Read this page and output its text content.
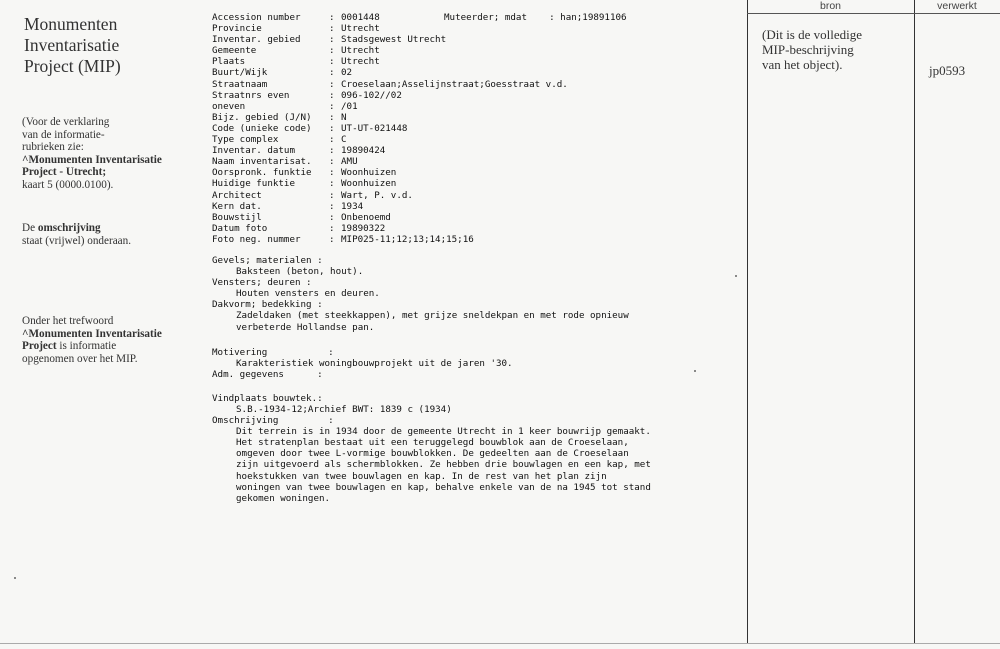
Monumenten
Inventarisatie
Project (MIP)
(Voor de verklaring
van de informatie-
rubrieken zie:
^Monumenten Inventarisatie
Project - Utrecht;
kaart 5 (0000.0100).
De omschrijving
staat (vrijwel) onderaan.
Onder het trefwoord
^Monumenten Inventarisatie
Project is informatie
opgenomen over het MIP.
Accession number	: 0001448
Provincie	: Utrecht
Inventar. gebied	: Stadsgewest Utrecht
Gemeente	: Utrecht
Plaats	: Utrecht
Buurt/Wijk	: 02
Straatnaam	: Croeselaan;Asselijnstraat;Goesstraat v.d.
Straatnrs even	: 096-102//02
oneven	: /01
Bijz. gebied (J/N) : N
Code (unieke code) : UT-UT-021448
Type complex	: C
Inventar. datum	: 19890424
Naam inventarisat. : AMU
Oorspronk. funktie : Woonhuizen
Huidige funktie	: Woonhuizen
Architect	: Wart, P. v.d.
Kern dat.	: 1934
Bouwstijl	: Onbenoemd
Datum foto	: 19890322
Foto neg. nummer	: MIP025-11;12;13;14;15;16
Muteerder; mdat    : han;19891106
Gevels; materialen :
Baksteen (beton, hout).
Vensters; deuren :
Houten vensters en deuren.
Dakvorm; bedekking :
Zadeldaken (met steekkappen), met grijze sneldekpan en met rode opnieuw
verbeterde Hollandse pan.
Motivering           :
Karakteristiek woningbouwprojekt uit de jaren '30.
Adm. gegevens      :
Vindplaats bouwtek.:
S.B.-1934-12;Archief BWT: 1839 c (1934)
Omschrijving         :
Dit terrein is in 1934 door de gemeente Utrecht in 1 keer bouwrijp gemaakt.
Het stratenplan bestaat uit een teruggelegd bouwblok aan de Croeselaan,
omgeven door twee L-vormige bouwblokken. De gedeelten aan de Croeselaan
zijn uitgevoerd als schermblokken. Ze hebben drie bouwlagen en een kap, met
hoekstukken van twee bouwlagen en kap. In de rest van het plan zijn
woningen van twee bouwlagen en kap, behalve enkele van de na 1945 tot stand
gekomen woningen.
bron	verwerkt
(Dit is de volledige
MIP-beschrijving
van het object).	jp0593
